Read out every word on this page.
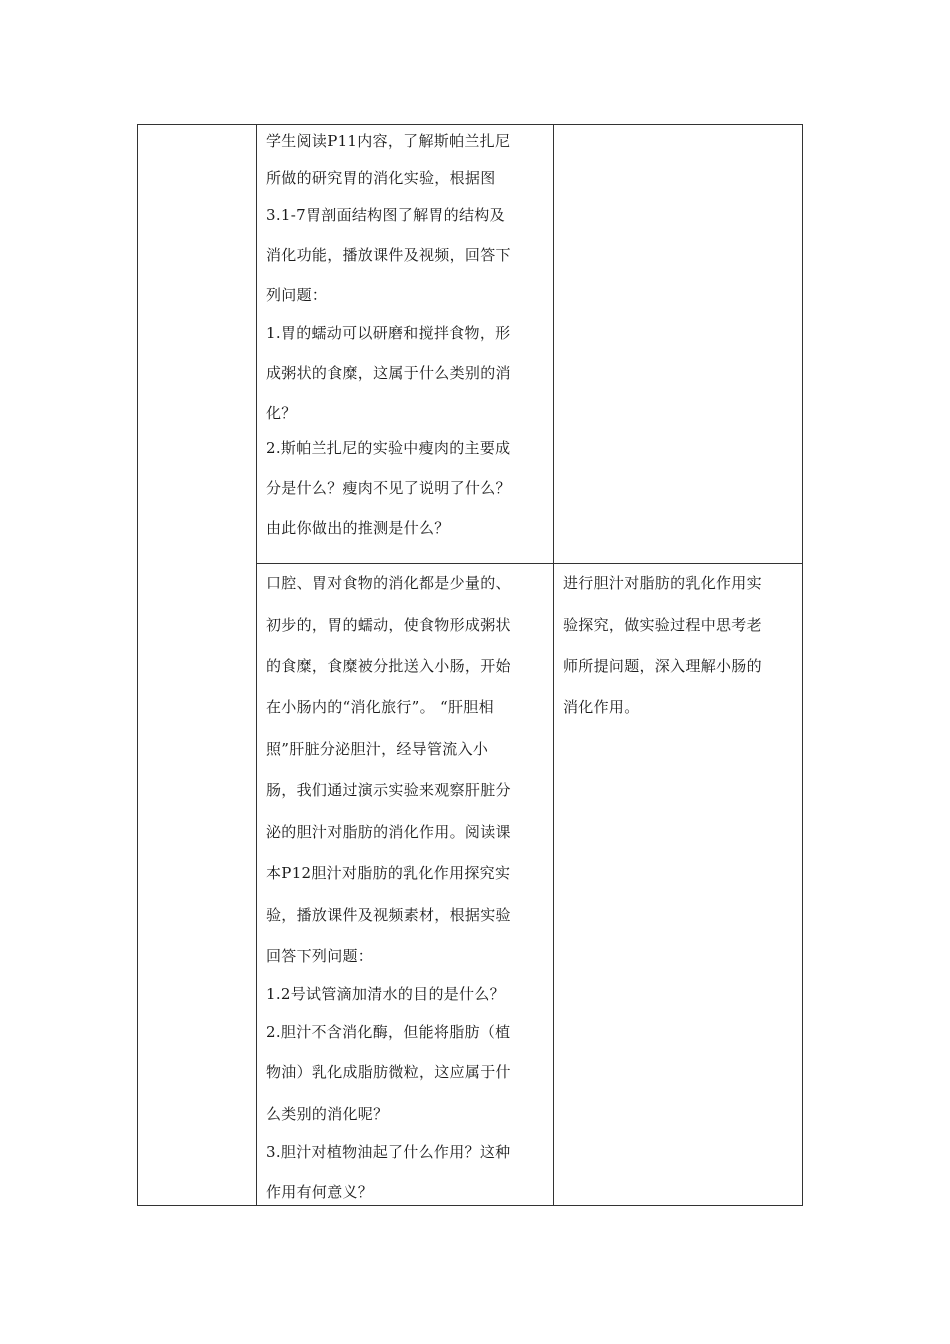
学生阅读P11内容，了解斯帕兰扎尼
所做的研究胃的消化实验，根据图
3.1-7胃剖面结构图了解胃的结构及
消化功能，播放课件及视频，回答下
列问题：
1.胃的蠕动可以研磨和搅拌食物，形
成粥状的食糜，这属于什么类别的消
化？
2.斯帕兰扎尼的实验中瘦肉的主要成
分是什么？瘦肉不见了说明了什么？
由此你做出的推测是什么？

口腔、胃对食物的消化都是少量的、
初步的，胃的蠕动，使食物形成粥状
的食糜，食糜被分批送入小肠，开始
在小肠内的“消化旅行”。 “肝胆相
照”肝脏分泌胆汁，经导管流入小
肠，我们通过演示实验来观察肝脏分
泌的胆汁对脂肪的消化作用。阅读课
本P12胆汁对脂肪的乳化作用探究实
验，播放课件及视频素材，根据实验
回答下列问题：
1.2号试管滴加清水的目的是什么？
2.胆汁不含消化酶，但能将脂肪（植
物油）乳化成脂肪微粒，这应属于什
么类别的消化呢？
3.胆汁对植物油起了什么作用？这种
作用有何意义？

进行胆汁对脂肪的乳化作用实
验探究，做实验过程中思考老
师所提问题，深入理解小肠的
消化作用。
